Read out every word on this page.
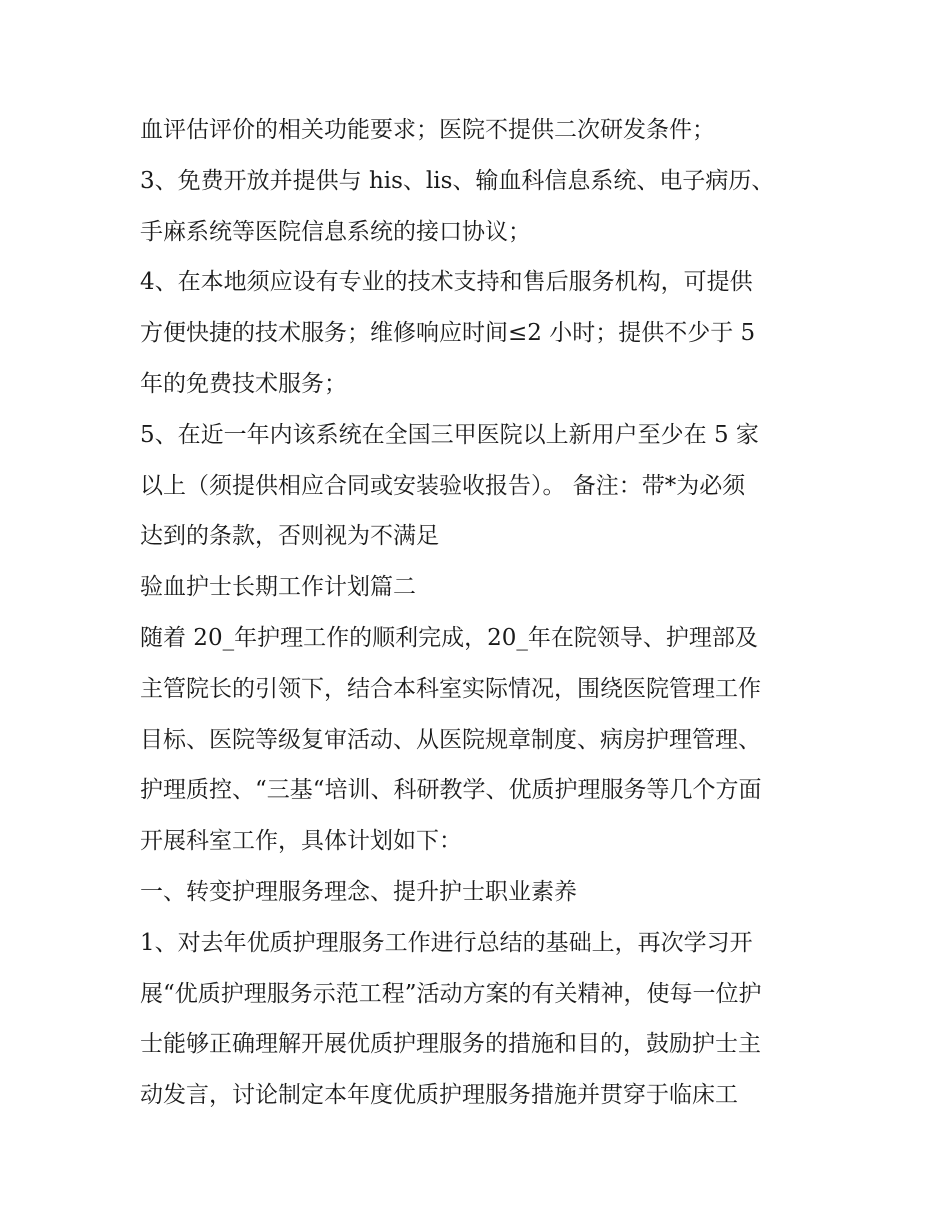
血评估评价的相关功能要求；医院不提供二次研发条件；
3、免费开放并提供与 his、lis、输血科信息系统、电子病历、
手麻系统等医院信息系统的接口协议；
4、在本地须应设有专业的技术支持和售后服务机构，可提供
方便快捷的技术服务；维修响应时间≤2 小时；提供不少于 5
年的免费技术服务；
5、在近一年内该系统在全国三甲医院以上新用户至少在 5 家
以上（须提供相应合同或安装验收报告）。 备注：带*为必须
达到的条款，否则视为不满足
验血护士长期工作计划篇二
随着 20_年护理工作的顺利完成，20_年在院领导、护理部及
主管院长的引领下，结合本科室实际情况，围绕医院管理工作
目标、医院等级复审活动、从医院规章制度、病房护理管理、
护理质控、“三基“培训、科研教学、优质护理服务等几个方面
开展科室工作，具体计划如下：
一、转变护理服务理念、提升护士职业素养
1、对去年优质护理服务工作进行总结的基础上，再次学习开
展“优质护理服务示范工程”活动方案的有关精神，使每一位护
士能够正确理解开展优质护理服务的措施和目的，鼓励护士主
动发言，讨论制定本年度优质护理服务措施并贯穿于临床工
